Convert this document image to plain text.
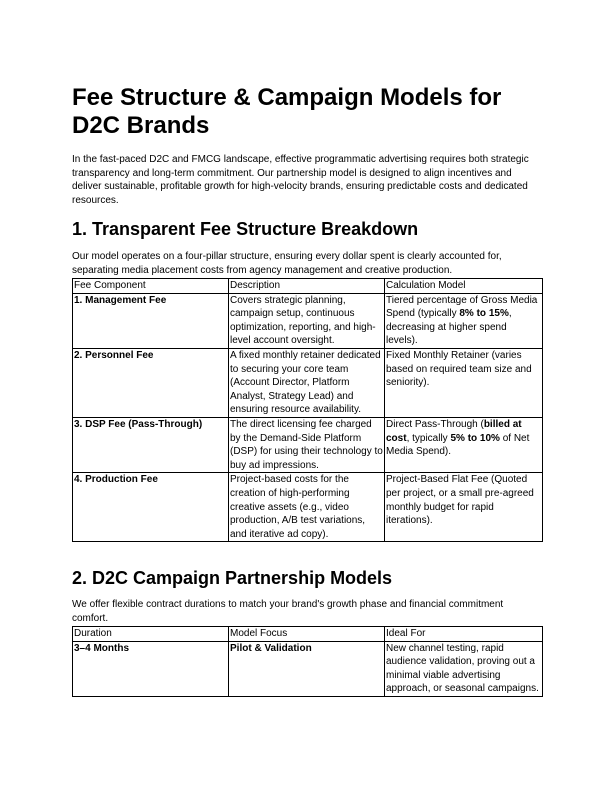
Fee Structure & Campaign Models for D2C Brands

In the fast-paced D2C and FMCG landscape, effective programmatic advertising requires both strategic transparency and long-term commitment. Our partnership model is designed to align incentives and deliver sustainable, profitable growth for high-velocity brands, ensuring predictable costs and dedicated resources.

1. Transparent Fee Structure Breakdown

Our model operates on a four-pillar structure, ensuring every dollar spent is clearly accounted for, separating media placement costs from agency management and creative production.

Fee Component	Description	Calculation Model
1. Management Fee	Covers strategic planning, campaign setup, continuous optimization, reporting, and high-level account oversight.	Tiered percentage of Gross Media Spend (typically 8% to 15%, decreasing at higher spend levels).
2. Personnel Fee	A fixed monthly retainer dedicated to securing your core team (Account Director, Platform Analyst, Strategy Lead) and ensuring resource availability.	Fixed Monthly Retainer (varies based on required team size and seniority).
3. DSP Fee (Pass-Through)	The direct licensing fee charged by the Demand-Side Platform (DSP) for using their technology to buy ad impressions.	Direct Pass-Through (billed at cost, typically 5% to 10% of Net Media Spend).
4. Production Fee	Project-based costs for the creation of high-performing creative assets (e.g., video production, A/B test variations, and iterative ad copy).	Project-Based Flat Fee (Quoted per project, or a small pre-agreed monthly budget for rapid iterations).
2. D2C Campaign Partnership Models

We offer flexible contract durations to match your brand's growth phase and financial commitment comfort.

Duration	Model Focus	Ideal For
3–4 Months	Pilot & Validation	New channel testing, rapid audience validation, proving out a minimal viable advertising approach, or seasonal campaigns.
